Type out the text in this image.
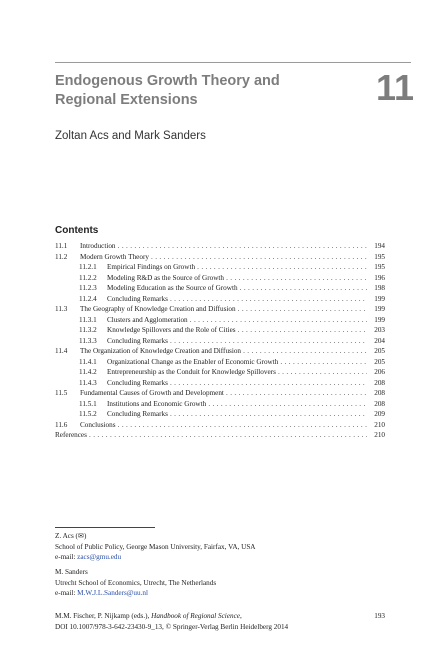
Endogenous Growth Theory and
Regional Extensions	11
Zoltan Acs and Mark Sanders
Contents
11.1	Introduction . . .	194
11.2	Modern Growth Theory . . .	195
11.2.1	Empirical Findings on Growth . . .	195
11.2.2	Modeling R&D as the Source of Growth . . .	196
11.2.3	Modeling Education as the Source of Growth . . .	198
11.2.4	Concluding Remarks . . .	199
11.3	The Geography of Knowledge Creation and Diffusion . . .	199
11.3.1	Clusters and Agglomeration . . .	199
11.3.2	Knowledge Spillovers and the Role of Cities . . .	203
11.3.3	Concluding Remarks . . .	204
11.4	The Organization of Knowledge Creation and Diffusion . . .	205
11.4.1	Organizational Change as the Enabler of Economic Growth . . .	205
11.4.2	Entrepreneurship as the Conduit for Knowledge Spillovers . . .	206
11.4.3	Concluding Remarks . . .	208
11.5	Fundamental Causes of Growth and Development . . .	208
11.5.1	Institutions and Economic Growth . . .	208
11.5.2	Concluding Remarks . . .	209
11.6	Conclusions . . .	210
References . . .	210
Z. Acs (✉)
School of Public Policy, George Mason University, Fairfax, VA, USA
e-mail: zacs@gmu.edu
M. Sanders
Utrecht School of Economics, Utrecht, The Netherlands
e-mail: M.W.J.L.Sanders@uu.nl
M.M. Fischer, P. Nijkamp (eds.), Handbook of Regional Science,
DOI 10.1007/978-3-642-23430-9_13, © Springer-Verlag Berlin Heidelberg 2014
193
